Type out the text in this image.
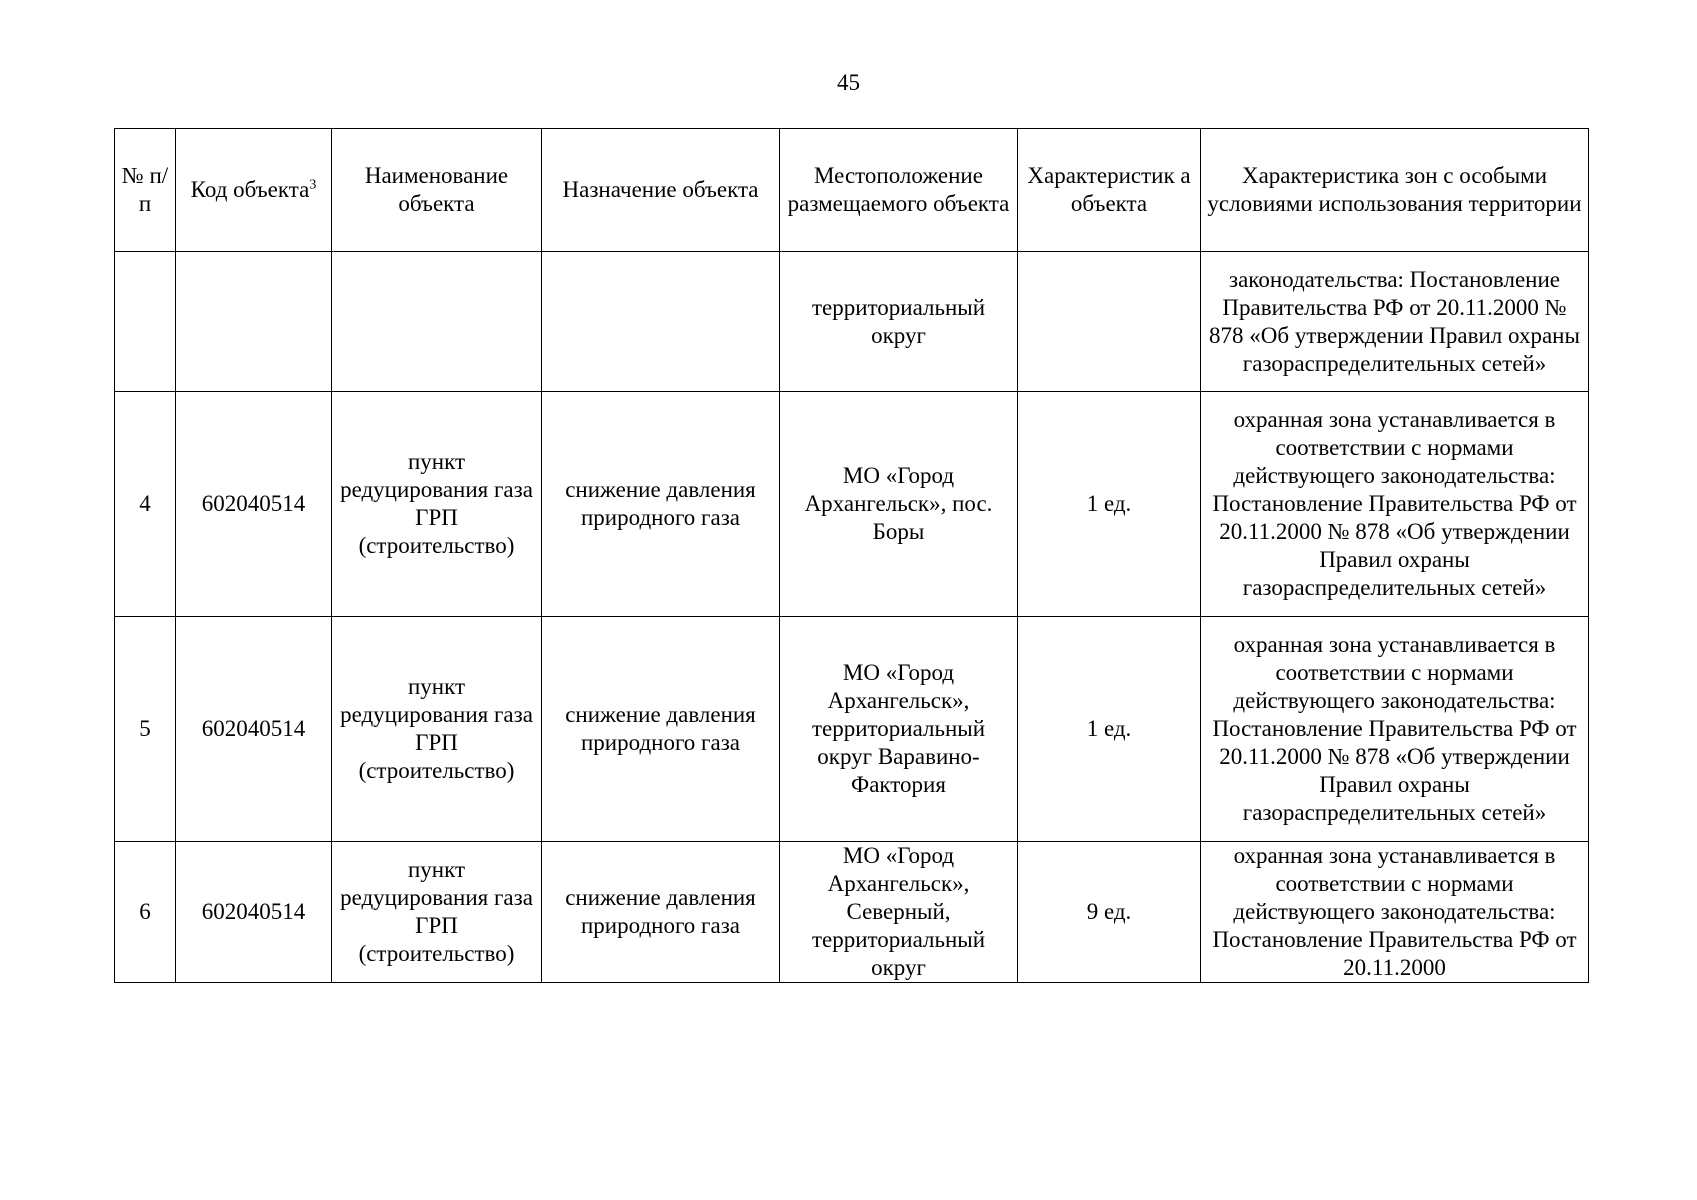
45
№ п/п	Код объекта$^3$	Наименование объекта	Назначение объекта	Местоположение размещаемого объекта	Характеристик а объекта	Характеристика зон с особыми условиями использования территории
				территориальный округ		законодательства: Постановление Правительства РФ от 20.11.2000 № 878 «Об утверждении Правил охраны газораспределительных сетей»
4	602040514	пункт редуцирования газа ГРП (строительство)	снижение давления природного газа	МО «Город Архангельск», пос. Боры	1 ед.	охранная зона устанавливается в соответствии с нормами действующего законодательства: Постановление Правительства РФ от 20.11.2000 № 878 «Об утверждении Правил охраны газораспределительных сетей»
5	602040514	пункт редуцирования газа ГРП (строительство)	снижение давления природного газа	МО «Город Архангельск», территориальный округ Варавино-Фактория	1 ед.	охранная зона устанавливается в соответствии с нормами действующего законодательства: Постановление Правительства РФ от 20.11.2000 № 878 «Об утверждении Правил охраны газораспределительных сетей»
6	602040514	пункт редуцирования газа ГРП (строительство)	снижение давления природного газа	МО «Город Архангельск», Северный, территориальный округ	9 ед.	охранная зона устанавливается в соответствии с нормами действующего законодательства: Постановление Правительства РФ от 20.11.2000
